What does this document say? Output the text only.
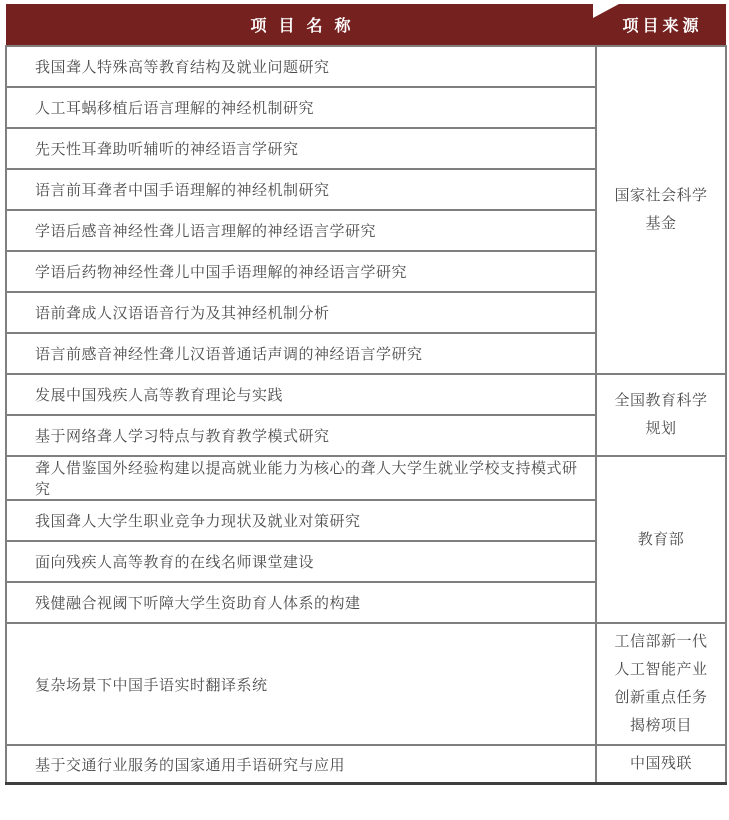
项目名称	项目来源
我国聋人特殊高等教育结构及就业问题研究	国家社会科学基金
人工耳蜗移植后语言理解的神经机制研究	
先天性耳聋助听辅听的神经语言学研究	
语言前耳聋者中国手语理解的神经机制研究	
学语后感音神经性聋儿语言理解的神经语言学研究	
学语后药物神经性聋儿中国手语理解的神经语言学研究	
语前聋成人汉语语音行为及其神经机制分析	
语言前感音神经性聋儿汉语普通话声调的神经语言学研究	
发展中国残疾人高等教育理论与实践	全国教育科学规划
基于网络聋人学习特点与教育教学模式研究	
聋人借鉴国外经验构建以提高就业能力为核心的聋人大学生就业学校支持模式研究	教育部
我国聋人大学生职业竞争力现状及就业对策研究	
面向残疾人高等教育的在线名师课堂建设	
残健融合视阈下听障大学生资助育人体系的构建	
复杂场景下中国手语实时翻译系统	工信部新一代人工智能产业创新重点任务揭榜项目
基于交通行业服务的国家通用手语研究与应用	中国残联
